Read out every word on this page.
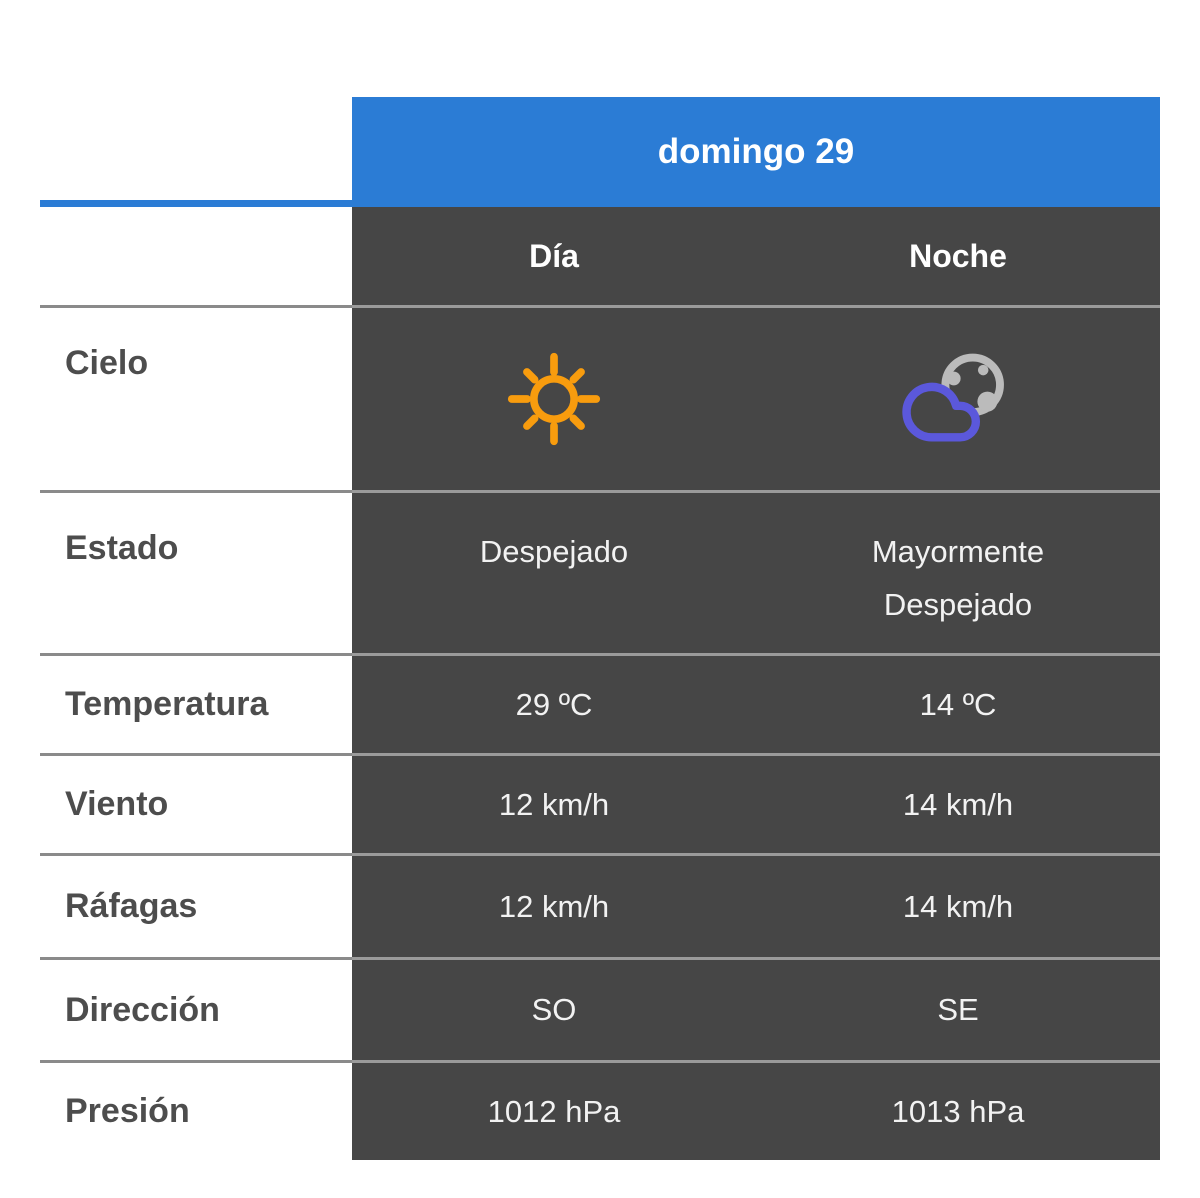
domingo 29
Día	Noche
Cielo
Estado	Despejado	Mayormente Despejado
Temperatura	29 ºC	14 ºC
Viento	12 km/h	14 km/h
Ráfagas	12 km/h	14 km/h
Dirección	SO	SE
Presión	1012 hPa	1013 hPa
